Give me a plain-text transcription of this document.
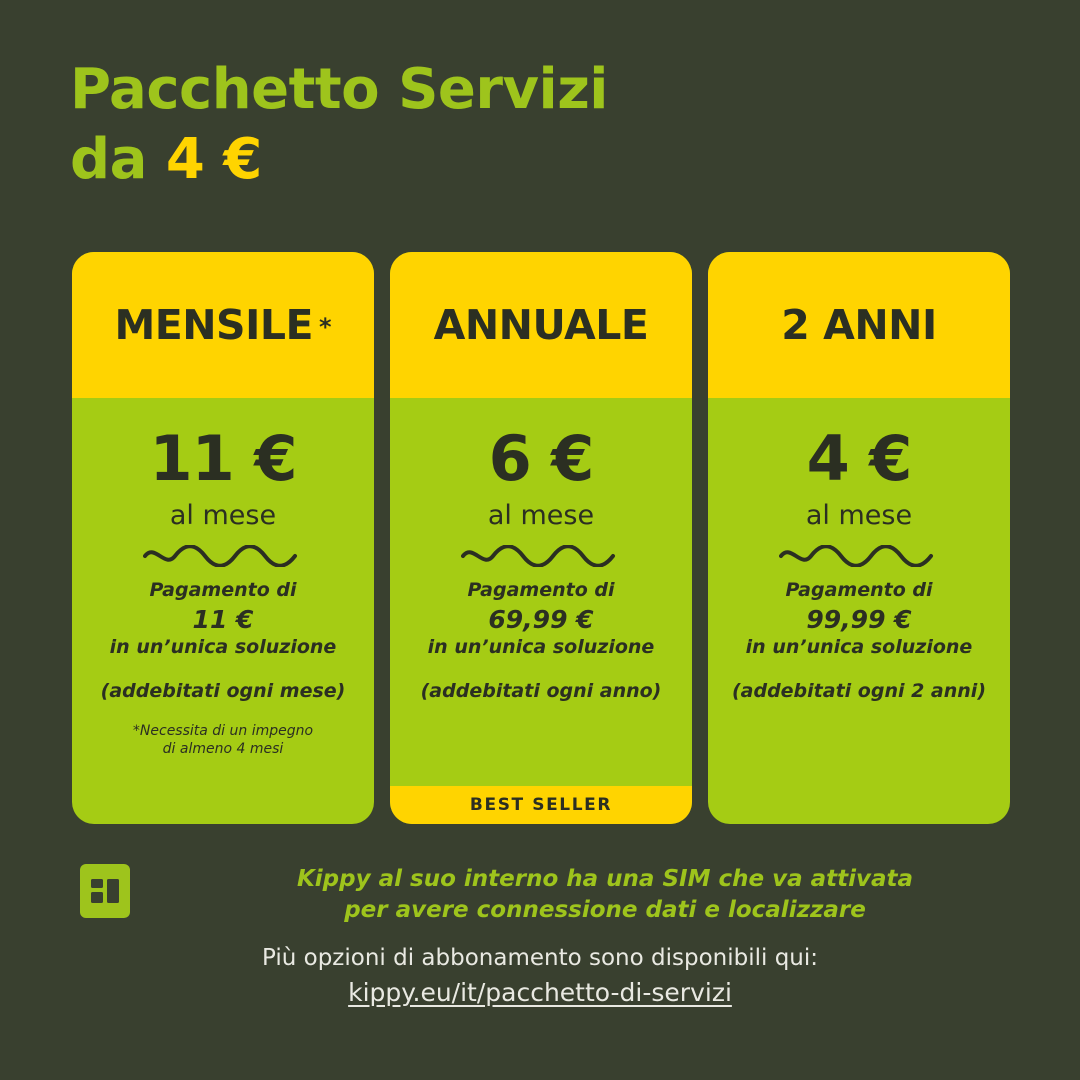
Pacchetto Servizi
da 4 €
MENSILE *
11 €
al mese
Pagamento di
11 €
in un’unica soluzione
(addebitati ogni mese)
*Necessita di un impegno
di almeno 4 mesi
ANNUALE
6 €
al mese
Pagamento di
69,99 €
in un’unica soluzione
(addebitati ogni anno)
BEST SELLER
2 ANNI
4 €
al mese
Pagamento di
99,99 €
in un’unica soluzione
(addebitati ogni 2 anni)
Kippy al suo interno ha una SIM che va attivata
per avere connessione dati e localizzare
Più opzioni di abbonamento sono disponibili qui:
kippy.eu/it/pacchetto-di-servizi
